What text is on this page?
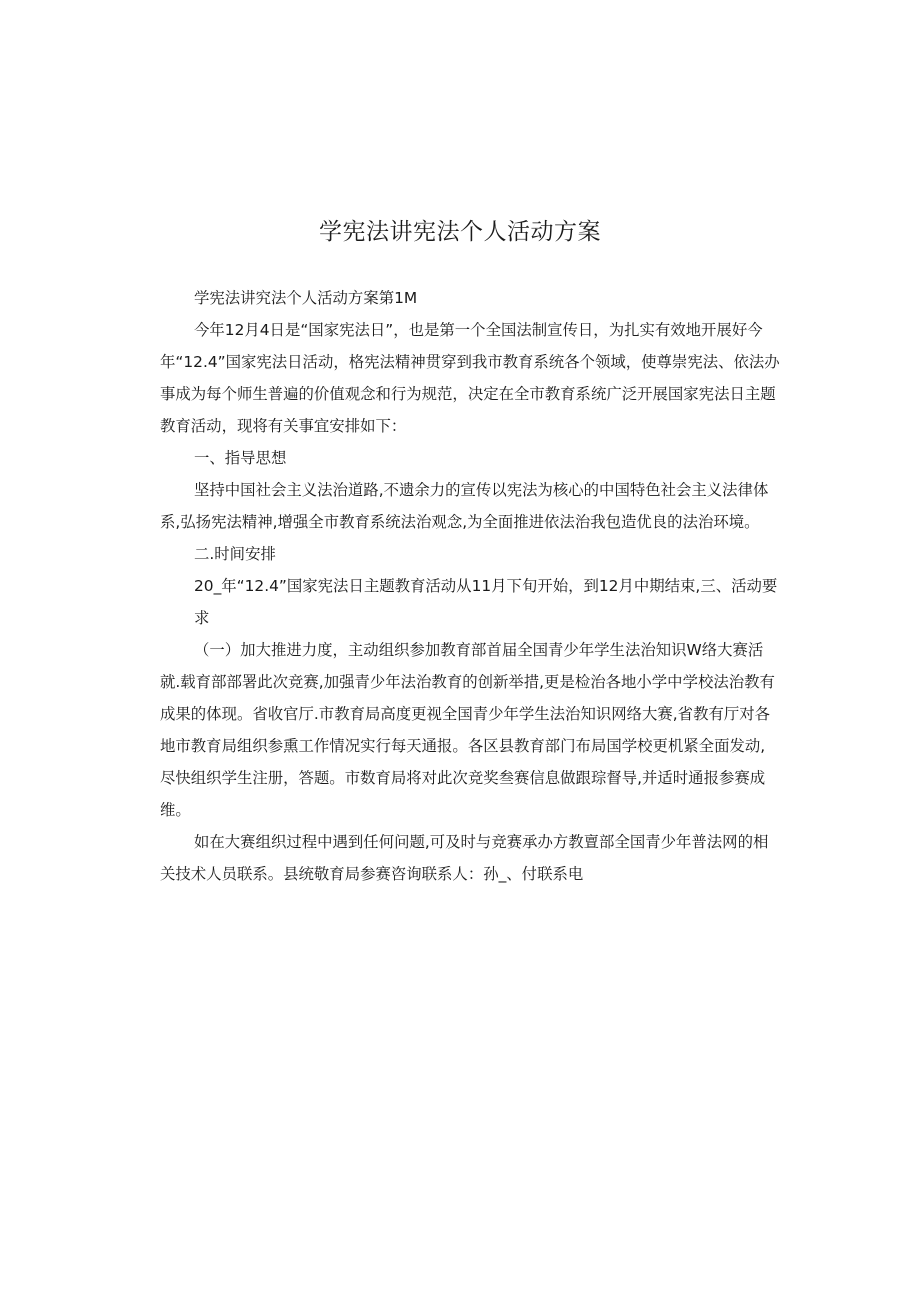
学宪法讲宪法个人活动方案

学宪法讲究法个人活动方案第1M

今年12月4日是“国家宪法日”，也是第一个全国法制宣传日，为扎实有效地开展好今年“12.4”国家宪法日活动，格宪法精神贯穿到我市教育系统各个领域，使尊崇宪法、依法办事成为每个师生普遍的价值观念和行为规范，决定在全市教育系统广泛开展国家宪法日主题教育活动，现将有关事宜安排如下：

一、指导思想

坚持中国社会主义法治道路,不遗余力的宣传以宪法为核心的中国特色社会主义法律体系,弘扬宪法精神,增强全市教育系统法治观念,为全面推进依法治我包造优良的法治环境。

二.时间安排

20_年“12.4”国家宪法日主题教育活动从11月下旬开始，到12月中期结束,三、活动要

求

（一）加大推进力度，主动组织参加教育部首届全国青少年学生法治知识W络大赛活就.载育部部署此次竞赛,加强青少年法治教育的创新举措,更是检治各地小学中学校法治教有成果的体现。省收官厅.市教育局高度更视全国青少年学生法治知识网络大赛,省教有厅对各地市教育局组织参熏工作情况实行每天通报。各区县教育部门布局国学校更机紧全面发动,尽快组织学生注册，答题。市数育局将对此次竞奖叁赛信息做跟琮督导,并适时通报参赛成维。

如在大赛组织过程中遇到任何问题,可及时与竞赛承办方教亶部全国青少年普法网的相关技术人员联系。县统敬育局参赛咨询联系人：孙_、付联系电
